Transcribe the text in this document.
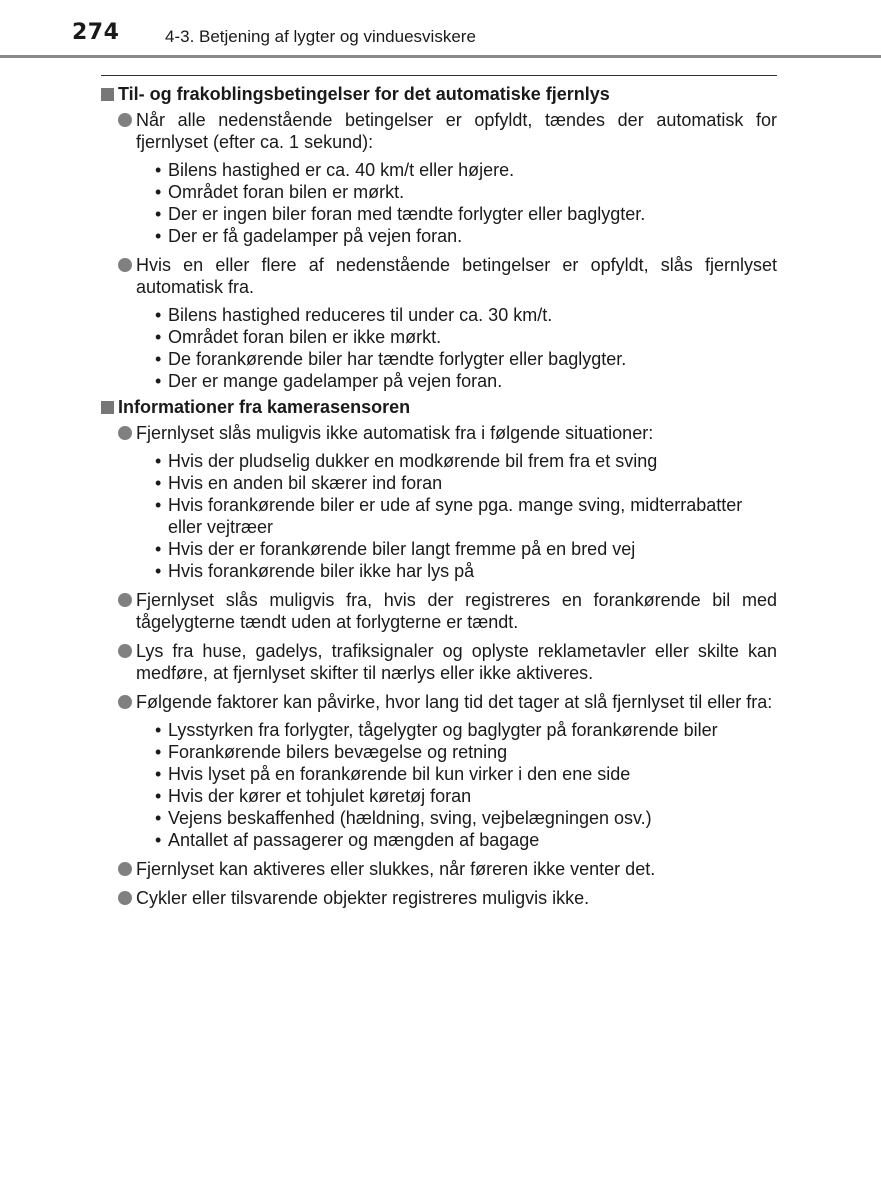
274	4-3. Betjening af lygter og vinduesviskere
Til- og frakoblingsbetingelser for det automatiske fjernlys
Når alle nedenstående betingelser er opfyldt, tændes der automatisk for fjernlyset (efter ca. 1 sekund):
• Bilens hastighed er ca. 40 km/t eller højere.
• Området foran bilen er mørkt.
• Der er ingen biler foran med tændte forlygter eller baglygter.
• Der er få gadelamper på vejen foran.
Hvis en eller flere af nedenstående betingelser er opfyldt, slås fjernlyset automatisk fra.
• Bilens hastighed reduceres til under ca. 30 km/t.
• Området foran bilen er ikke mørkt.
• De forankørende biler har tændte forlygter eller baglygter.
• Der er mange gadelamper på vejen foran.
Informationer fra kamerasensoren
Fjernlyset slås muligvis ikke automatisk fra i følgende situationer:
• Hvis der pludselig dukker en modkørende bil frem fra et sving
• Hvis en anden bil skærer ind foran
• Hvis forankørende biler er ude af syne pga. mange sving, midterrabatter eller vejtræer
• Hvis der er forankørende biler langt fremme på en bred vej
• Hvis forankørende biler ikke har lys på
Fjernlyset slås muligvis fra, hvis der registreres en forankørende bil med tågelygterne tændt uden at forlygterne er tændt.
Lys fra huse, gadelys, trafiksignaler og oplyste reklametavler eller skilte kan medføre, at fjernlyset skifter til nærlys eller ikke aktiveres.
Følgende faktorer kan påvirke, hvor lang tid det tager at slå fjernlyset til eller fra:
• Lysstyrken fra forlygter, tågelygter og baglygter på forankørende biler
• Forankørende bilers bevægelse og retning
• Hvis lyset på en forankørende bil kun virker i den ene side
• Hvis der kører et tohjulet køretøj foran
• Vejens beskaffenhed (hældning, sving, vejbelægningen osv.)
• Antallet af passagerer og mængden af bagage
Fjernlyset kan aktiveres eller slukkes, når føreren ikke venter det.
Cykler eller tilsvarende objekter registreres muligvis ikke.
